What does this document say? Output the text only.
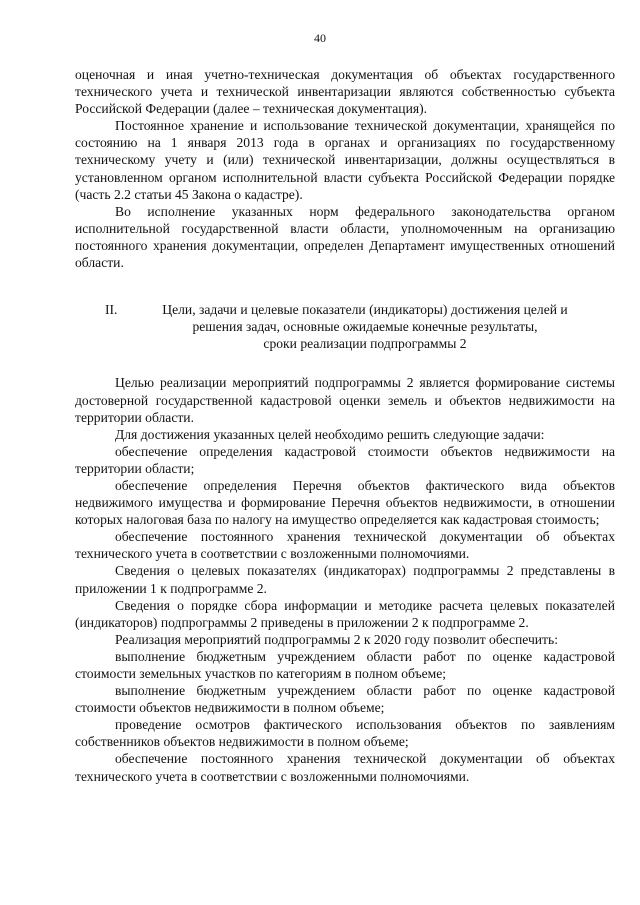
40

оценочная и иная учетно-техническая документация об объектах государственного технического учета и технической инвентаризации являются собственностью субъекта Российской Федерации (далее – техническая документация).

Постоянное хранение и использование технической документации, хранящейся по состоянию на 1 января 2013 года в органах и организациях по государственному техническому учету и (или) технической инвентаризации, должны осуществляться в установленном органом исполнительной власти субъекта Российской Федерации порядке (часть 2.2 статьи 45 Закона о кадастре).

Во исполнение указанных норм федерального законодательства органом исполнительной государственной власти области, уполномоченным на организацию постоянного хранения документации, определен Департамент имущественных отношений области.

II.	Цели, задачи и целевые показатели (индикаторы) достижения целей и
решения задач, основные ожидаемые конечные результаты,
сроки реализации подпрограммы 2

Целью реализации мероприятий подпрограммы 2 является формирование системы достоверной государственной кадастровой оценки земель и объектов недвижимости на территории области.

Для достижения указанных целей необходимо решить следующие задачи:

обеспечение определения кадастровой стоимости объектов недвижимости на территории области;

обеспечение определения Перечня объектов фактического вида объектов недвижимого имущества и формирование Перечня объектов недвижимости, в отношении которых налоговая база по налогу на имущество определяется как кадастровая стоимость;

обеспечение постоянного хранения технической документации об объектах технического учета в соответствии с возложенными полномочиями.

Сведения о целевых показателях (индикаторах) подпрограммы 2 представлены в приложении 1 к подпрограмме 2.

Сведения о порядке сбора информации и методике расчета целевых показателей (индикаторов) подпрограммы 2 приведены в приложении 2 к подпрограмме 2.

Реализация мероприятий подпрограммы 2 к 2020 году позволит обеспечить:

выполнение бюджетным учреждением области работ по оценке кадастровой стоимости земельных участков по категориям в полном объеме;

выполнение бюджетным учреждением области работ по оценке кадастровой стоимости объектов недвижимости в полном объеме;

проведение осмотров фактического использования объектов по заявлениям собственников объектов недвижимости в полном объеме;

обеспечение постоянного хранения технической документации об объектах технического учета в соответствии с возложенными полномочиями.
